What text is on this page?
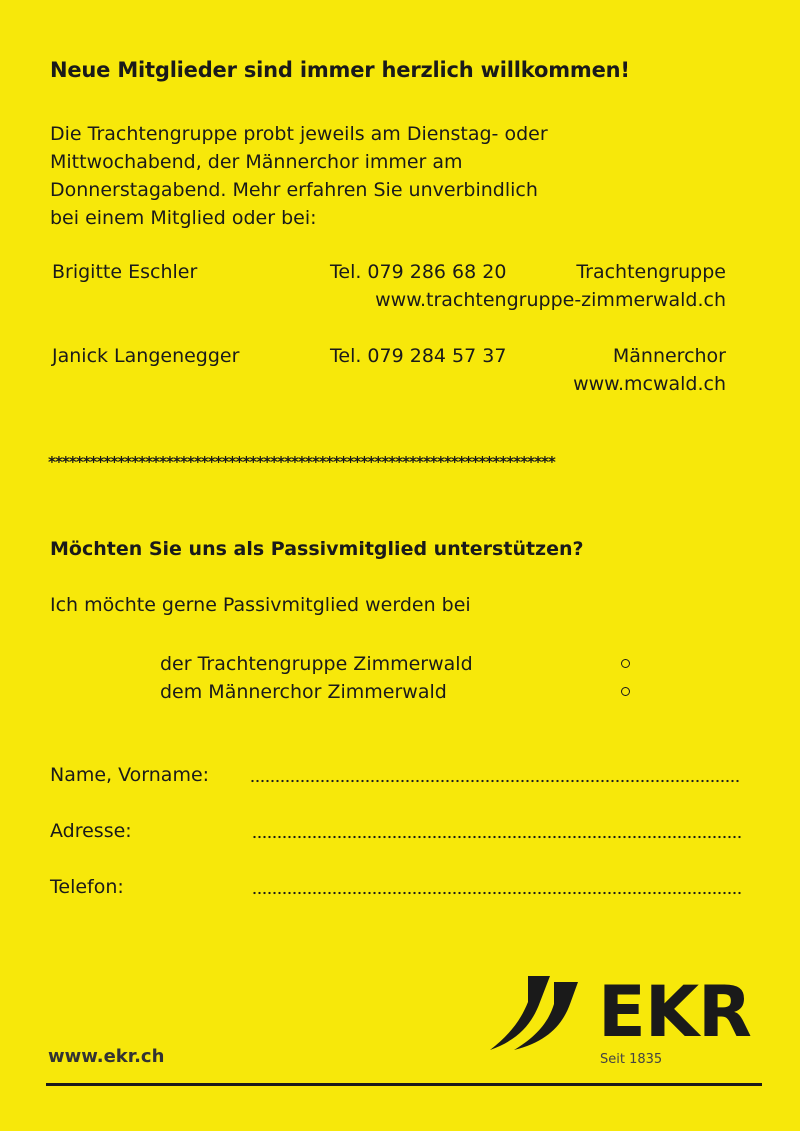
Neue Mitglieder sind immer herzlich willkommen!
Die Trachtengruppe probt jeweils am Dienstag- oder
Mittwochabend, der Männerchor immer am
Donnerstagabend. Mehr erfahren Sie unverbindlich
bei einem Mitglied oder bei:
Brigitte Eschler	Tel. 079 286 68 20	Trachtengruppe
www.trachtengruppe-zimmerwald.ch
Janick Langenegger	Tel. 079 284 57 37	Männerchor
www.mcwald.ch
*************************************************************************
Möchten Sie uns als Passivmitglied unterstützen?
Ich möchte gerne Passivmitglied werden bei
der Trachtengruppe Zimmerwald
dem Männerchor Zimmerwald
Name, Vorname:
Adresse:
Telefon:
www.ekr.ch
EKR
Seit 1835
